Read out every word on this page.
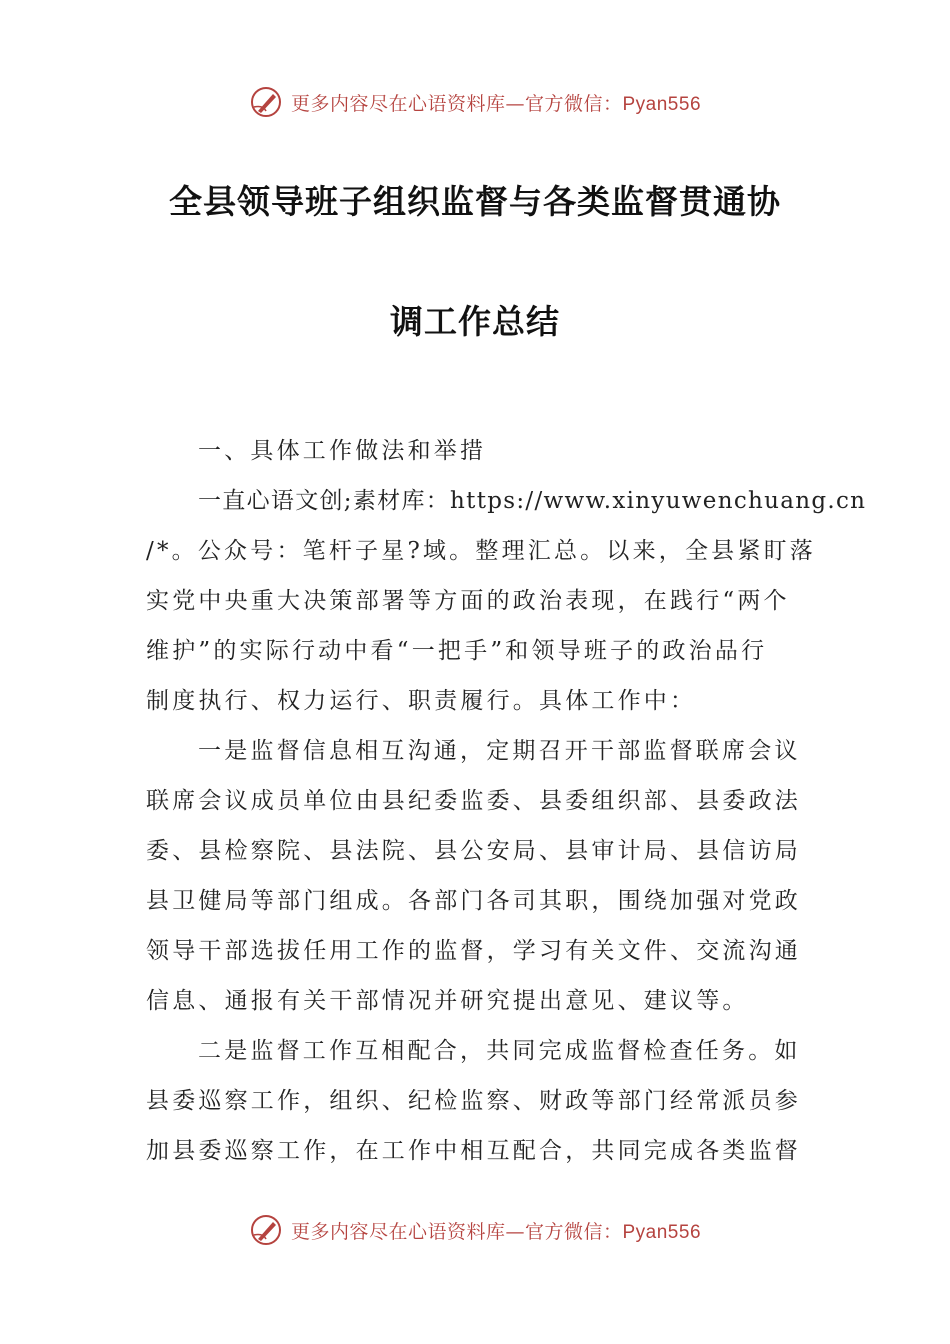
更多内容尽在心语资料库—官方微信：Pyan556
全县领导班子组织监督与各类监督贯通协
调工作总结

一、具体工作做法和举措

一直心语文创;素材库：https://www.xinyuwenchuang.cn
/*。公众号：笔杆子星?域。整理汇总。以来，全县紧盯落
实党中央重大决策部署等方面的政治表现，在践行“两个
维护”的实际行动中看“一把手”和领导班子的政治品行
制度执行、权力运行、职责履行。具体工作中：

一是监督信息相互沟通，定期召开干部监督联席会议
联席会议成员单位由县纪委监委、县委组织部、县委政法
委、县检察院、县法院、县公安局、县审计局、县信访局
县卫健局等部门组成。各部门各司其职，围绕加强对党政
领导干部选拔任用工作的监督，学习有关文件、交流沟通
信息、通报有关干部情况并研究提出意见、建议等。

二是监督工作互相配合，共同完成监督检查任务。如
县委巡察工作，组织、纪检监察、财政等部门经常派员参
加县委巡察工作，在工作中相互配合，共同完成各类监督

更多内容尽在心语资料库—官方微信：Pyan556
